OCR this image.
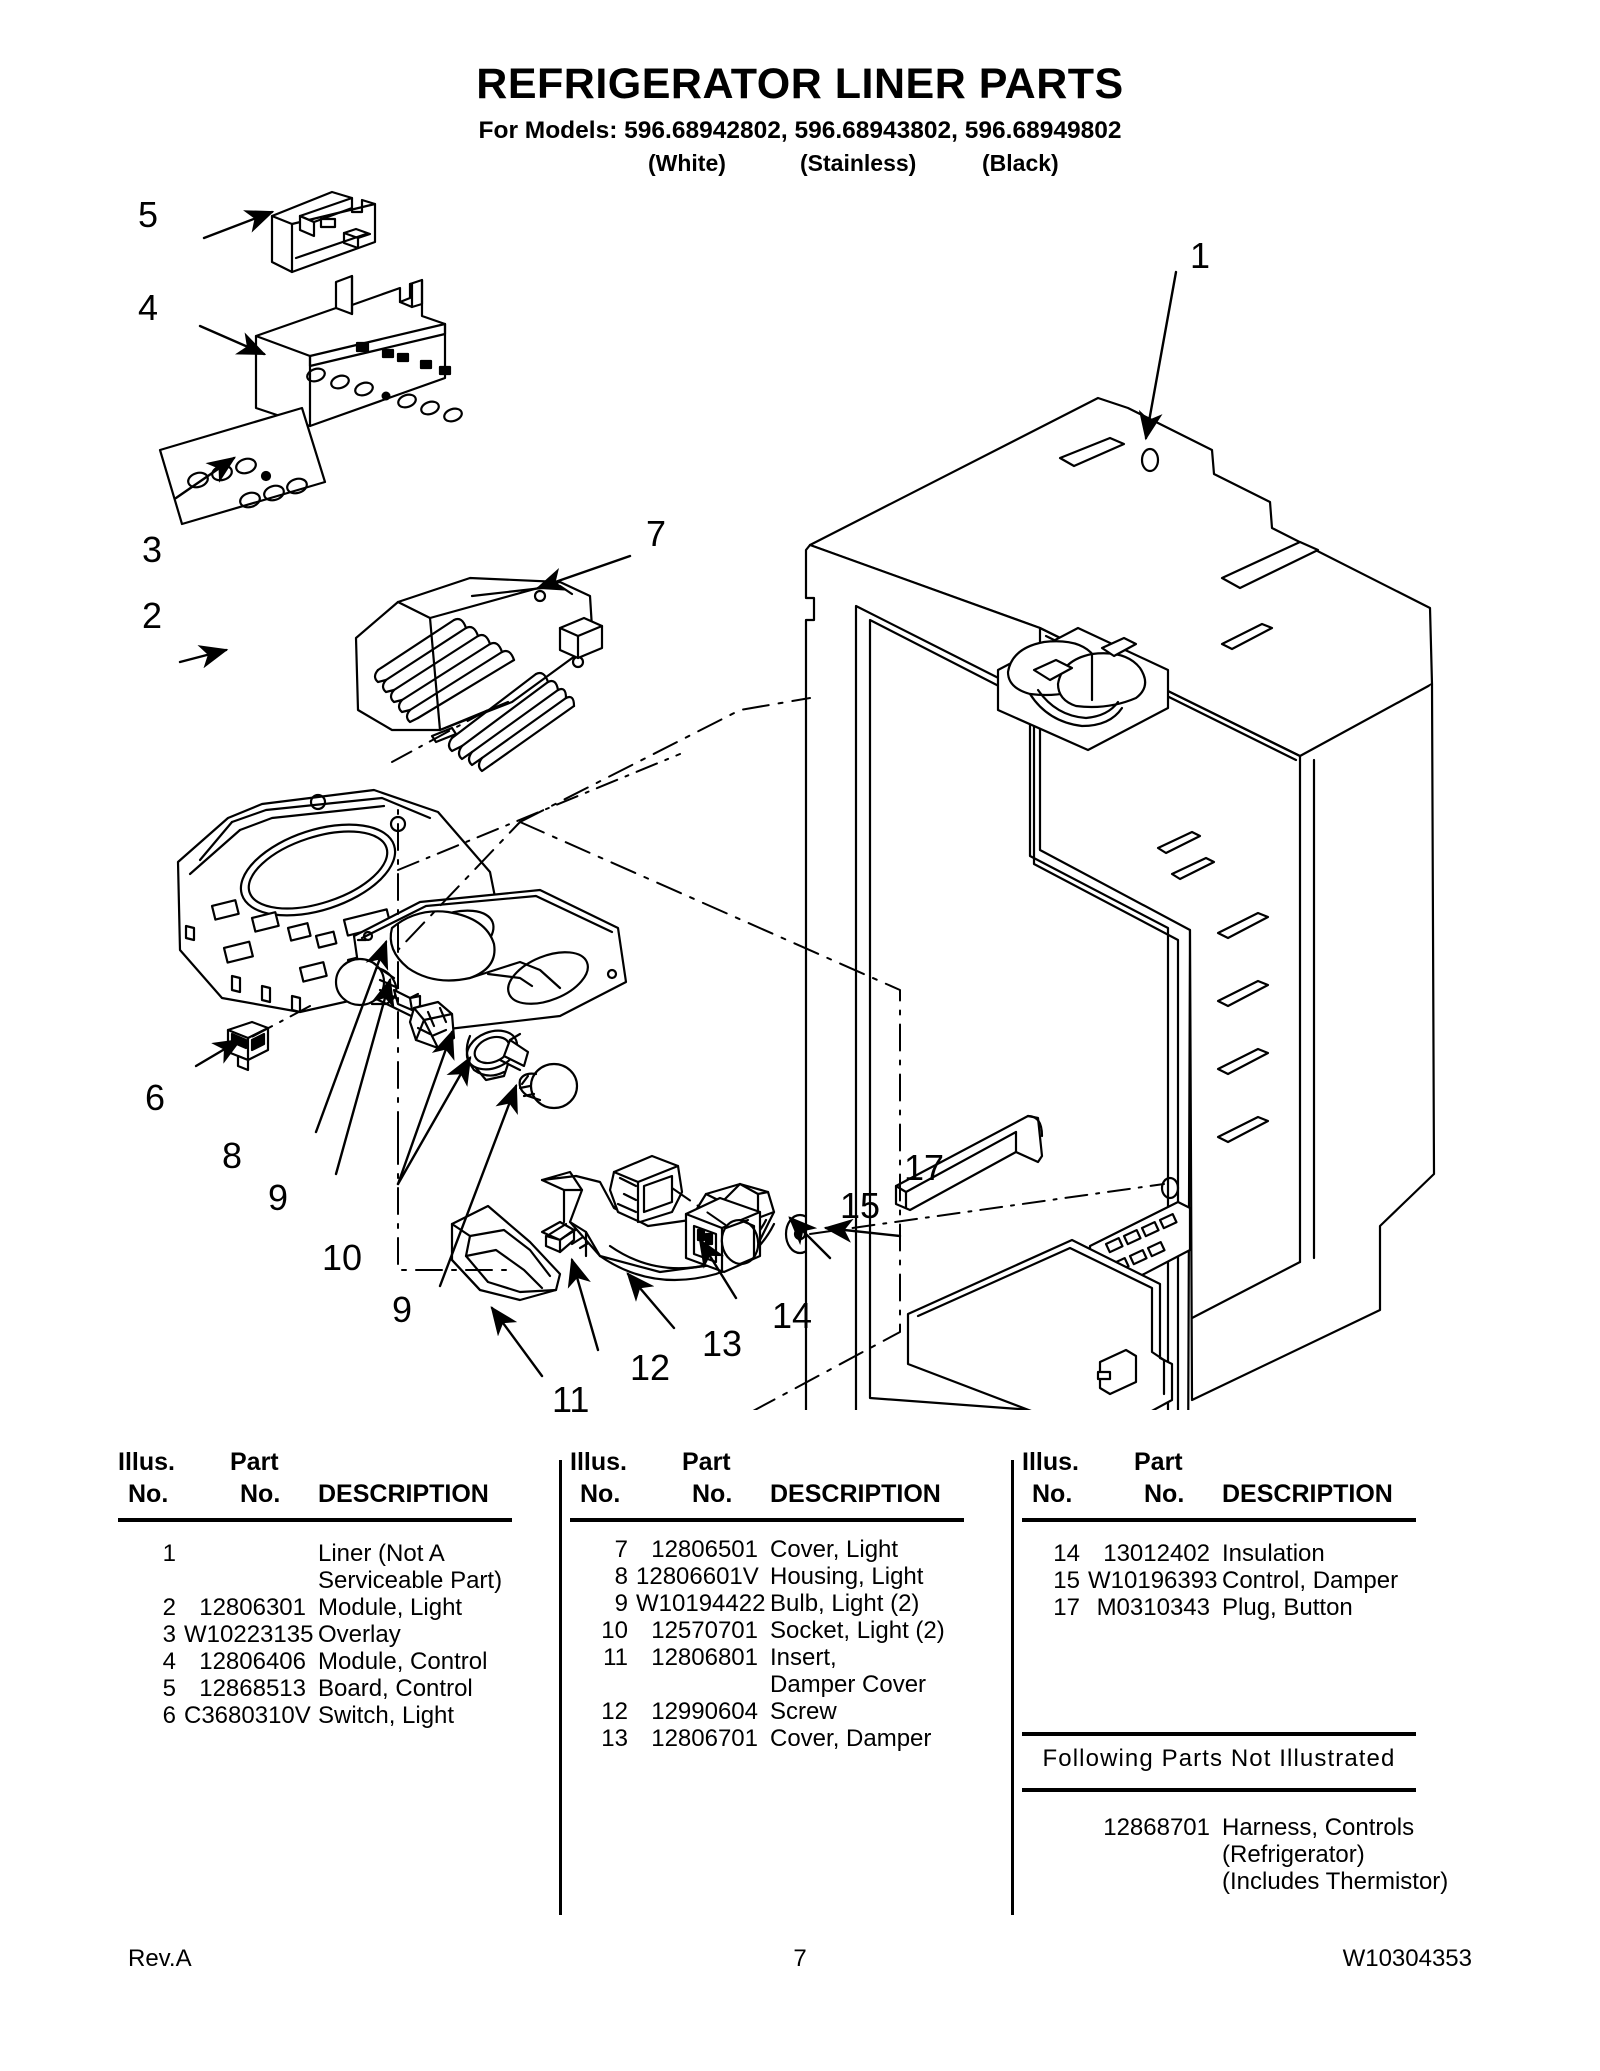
REFRIGERATOR LINER PARTS
For Models: 596.68942802, 596.68943802, 596.68949802
(White)	(Stainless)	(Black)
5
4
3
2
6
7
8
9
10
9
11
12
13
14
15
17
1
Illus. Part
No.	No. DESCRIPTION
1	Liner (Not A
Serviceable Part)
2 12806301 Module, Light
3 W10223135 Overlay
4 12806406 Module, Control
5 12868513 Board, Control
6 C3680310V Switch, Light
Illus. Part
No.	No. DESCRIPTION
7 12806501 Cover, Light
8 12806601V Housing, Light
9 W10194422 Bulb, Light (2)
10 12570701 Socket, Light (2)
11 12806801 Insert,
Damper Cover
12 12990604 Screw
13 12806701 Cover, Damper
Illus. Part
No.	No. DESCRIPTION
14 13012402 Insulation
15 W10196393 Control, Damper
17 M0310343 Plug, Button
Following Parts Not Illustrated
12868701 Harness, Controls
(Refrigerator)
(Includes Thermistor)
Rev.A	7	W10304353
